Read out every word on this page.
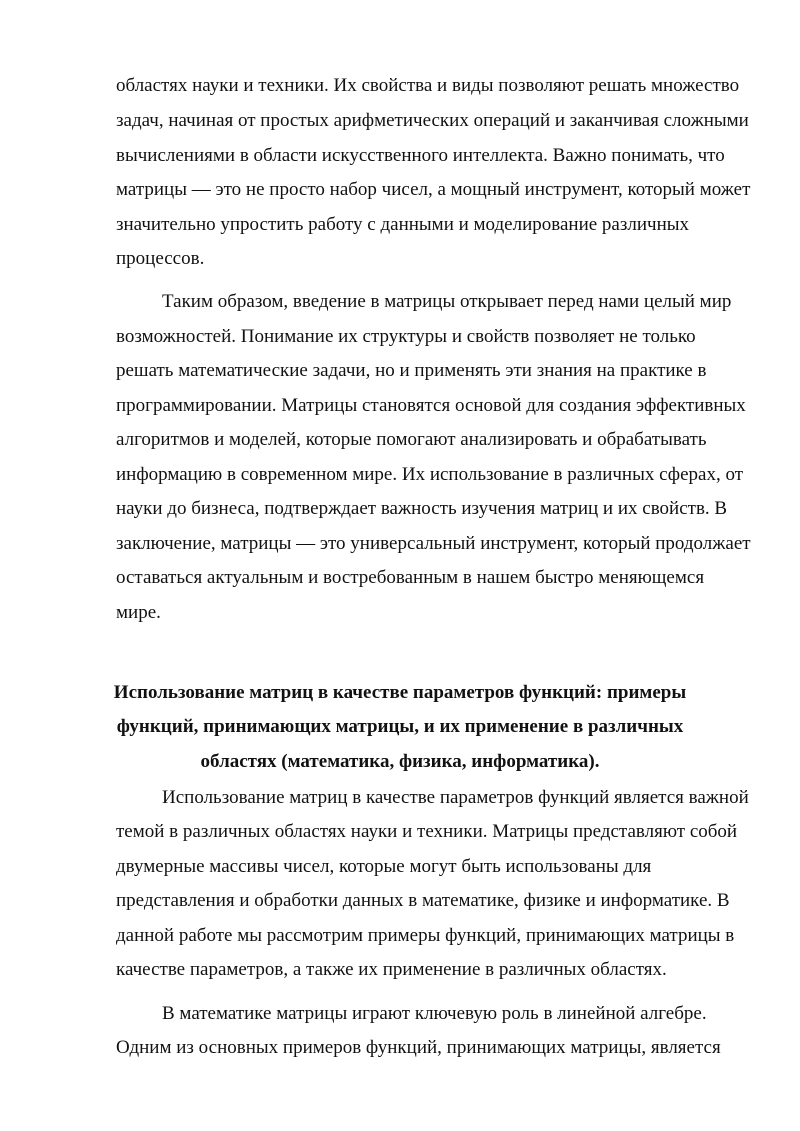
областях науки и техники. Их свойства и виды позволяют решать множество
задач, начиная от простых арифметических операций и заканчивая сложными
вычислениями в области искусственного интеллекта. Важно понимать, что
матрицы — это не просто набор чисел, а мощный инструмент, который может
значительно упростить работу с данными и моделирование различных
процессов.
Таким образом, введение в матрицы открывает перед нами целый мир
возможностей. Понимание их структуры и свойств позволяет не только
решать математические задачи, но и применять эти знания на практике в
программировании. Матрицы становятся основой для создания эффективных
алгоритмов и моделей, которые помогают анализировать и обрабатывать
информацию в современном мире. Их использование в различных сферах, от
науки до бизнеса, подтверждает важность изучения матриц и их свойств. В
заключение, матрицы — это универсальный инструмент, который продолжает
оставаться актуальным и востребованным в нашем быстро меняющемся
мире.
Использование матриц в качестве параметров функций: примеры
функций, принимающих матрицы, и их применение в различных
областях (математика, физика, информатика).
Использование матриц в качестве параметров функций является важной
темой в различных областях науки и техники. Матрицы представляют собой
двумерные массивы чисел, которые могут быть использованы для
представления и обработки данных в математике, физике и информатике. В
данной работе мы рассмотрим примеры функций, принимающих матрицы в
качестве параметров, а также их применение в различных областях.
В математике матрицы играют ключевую роль в линейной алгебре.
Одним из основных примеров функций, принимающих матрицы, является
